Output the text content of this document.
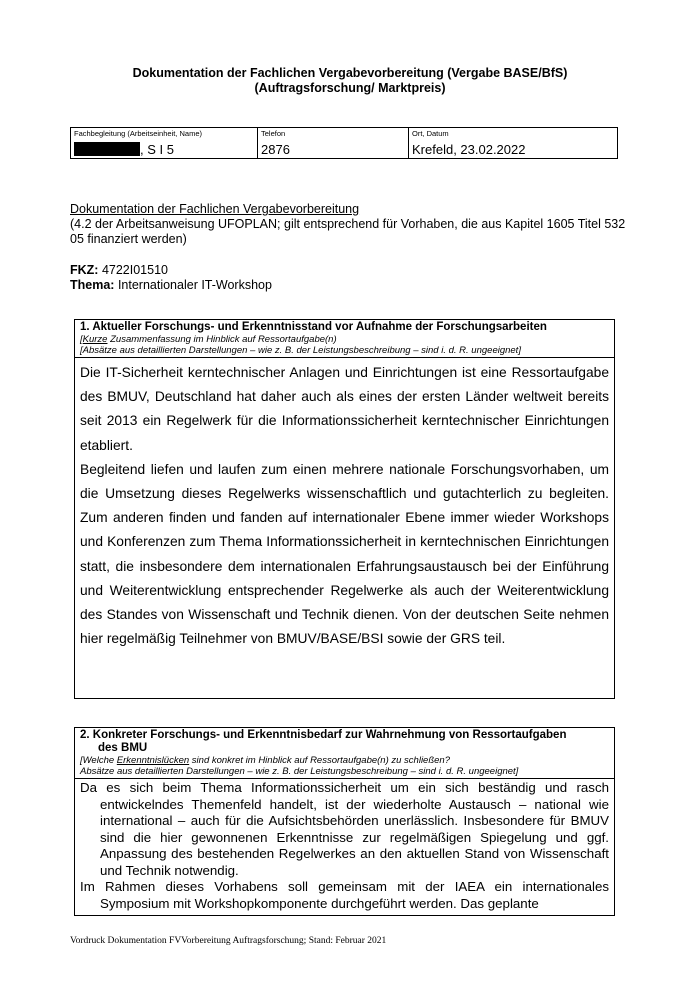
Dokumentation der Fachlichen Vergabevorbereitung (Vergabe BASE/BfS)
(Auftragsforschung/ Marktpreis)
Fachbegleitung (Arbeitseinheit, Name)
, S I 5
Telefon
2876
Ort, Datum
Krefeld, 23.02.2022
Dokumentation der Fachlichen Vergabevorbereitung
(4.2 der Arbeitsanweisung UFOPLAN; gilt entsprechend für Vorhaben, die aus Kapitel 1605 Titel 532 05 finanziert werden)
FKZ: 4722I01510
Thema: Internationaler IT-Workshop
1. Aktueller Forschungs- und Erkenntnisstand vor Aufnahme der Forschungsarbeiten
[Kurze Zusammenfassung im Hinblick auf Ressortaufgabe(n)
[Absätze aus detaillierten Darstellungen – wie z. B. der Leistungsbeschreibung – sind i. d. R. ungeeignet]

Die IT-Sicherheit kerntechnischer Anlagen und Einrichtungen ist eine Ressortaufgabe des BMUV, Deutschland hat daher auch als eines der ersten Länder weltweit bereits seit 2013 ein Regelwerk für die Informationssicherheit kerntechnischer Einrichtungen etabliert.

Begleitend liefen und laufen zum einen mehrere nationale Forschungsvorhaben, um die Umsetzung dieses Regelwerks wissenschaftlich und gutachterlich zu begleiten. Zum anderen finden und fanden auf internationaler Ebene immer wieder Workshops und Konferenzen zum Thema Informationssicherheit in kerntechnischen Einrichtungen statt, die insbesondere dem internationalen Erfahrungsaustausch bei der Einführung und Weiterentwicklung entsprechender Regelwerke als auch der Weiterentwicklung des Standes von Wissenschaft und Technik dienen. Von der deutschen Seite nehmen hier regelmäßig Teilnehmer von BMUV/BASE/BSI sowie der GRS teil.

2. Konkreter Forschungs- und Erkenntnisbedarf zur Wahrnehmung von Ressortaufgaben
des BMU
[Welche Erkenntnislücken sind konkret im Hinblick auf Ressortaufgabe(n) zu schließen?
Absätze aus detaillierten Darstellungen – wie z. B. der Leistungsbeschreibung – sind i. d. R. ungeeignet]

Da es sich beim Thema Informationssicherheit um ein sich beständig und rasch entwickelndes Themenfeld handelt, ist der wiederholte Austausch – national wie international – auch für die Aufsichtsbehörden unerlässlich. Insbesondere für BMUV sind die hier gewonnenen Erkenntnisse zur regelmäßigen Spiegelung und ggf. Anpassung des bestehenden Regelwerkes an den aktuellen Stand von Wissenschaft und Technik notwendig.

Im Rahmen dieses Vorhabens soll gemeinsam mit der IAEA ein internationales Symposium mit Workshopkomponente durchgeführt werden. Das geplante

Vordruck Dokumentation FVVorbereitung Auftragsforschung; Stand: Februar 2021
